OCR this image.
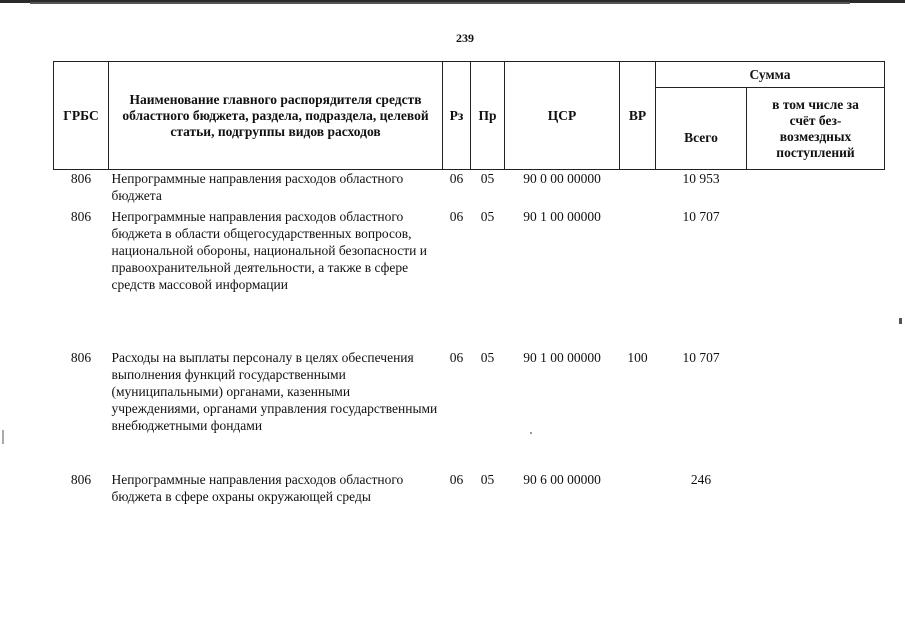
239
ГРБС	Наименование главного распорядителя средств областного бюджета, раздела, подраздела, целевой статьи, подгруппы видов расходов	Рз	Пр	ЦСР	ВР	Сумма	
						Всего	в том числе за счёт без-возмездных поступлений
806	Непрограммные направления расходов областного бюджета	06	05	90 0 00 00000		10 953	
806	Непрограммные направления расходов областного бюджета в области общегосударственных вопросов, национальной обороны, национальной безопасности и правоохранительной деятельности, а также в сфере средств массовой информации	06	05	90 1 00 00000		10 707	
806	Расходы на выплаты персоналу в целях обеспечения выполнения функций государственными (муниципальными) органами, казенными учреждениями, органами управления государственными внебюджетными фондами	06	05	90 1 00 00000	100	10 707	
806	Непрограммные направления расходов областного бюджета в сфере охраны окружающей среды	06	05	90 6 00 00000		246	
